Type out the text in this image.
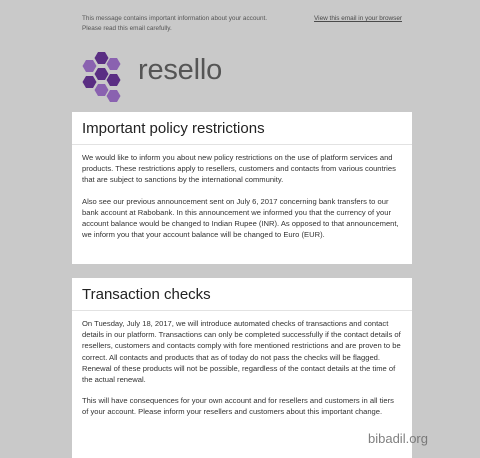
This message contains important information about your account.
Please read this email carefully.
View this email in your browser
resello
Important policy restrictions

We would like to inform you about new policy restrictions on the use of platform services and products. These restrictions apply to resellers, customers and contacts from various countries that are subject to sanctions by the international community.

Also see our previous announcement sent on July 6, 2017 concerning bank transfers to our bank account at Rabobank. In this announcement we informed you that the currency of your account balance would be changed to Indian Rupee (INR). As opposed to that announcement, we inform you that your account balance will be changed to Euro (EUR).

Transaction checks

On Tuesday, July 18, 2017, we will introduce automated checks of transactions and contact details in our platform. Transactions can only be completed successfully if the contact details of resellers, customers and contacts comply with fore mentioned restrictions and are proven to be correct. All contacts and products that as of today do not pass the checks will be flagged. Renewal of these products will not be possible, regardless of the contact details at the time of the actual renewal.

This will have consequences for your own account and for resellers and customers in all tiers of your account. Please inform your resellers and customers about this important change.

bibadil.org
